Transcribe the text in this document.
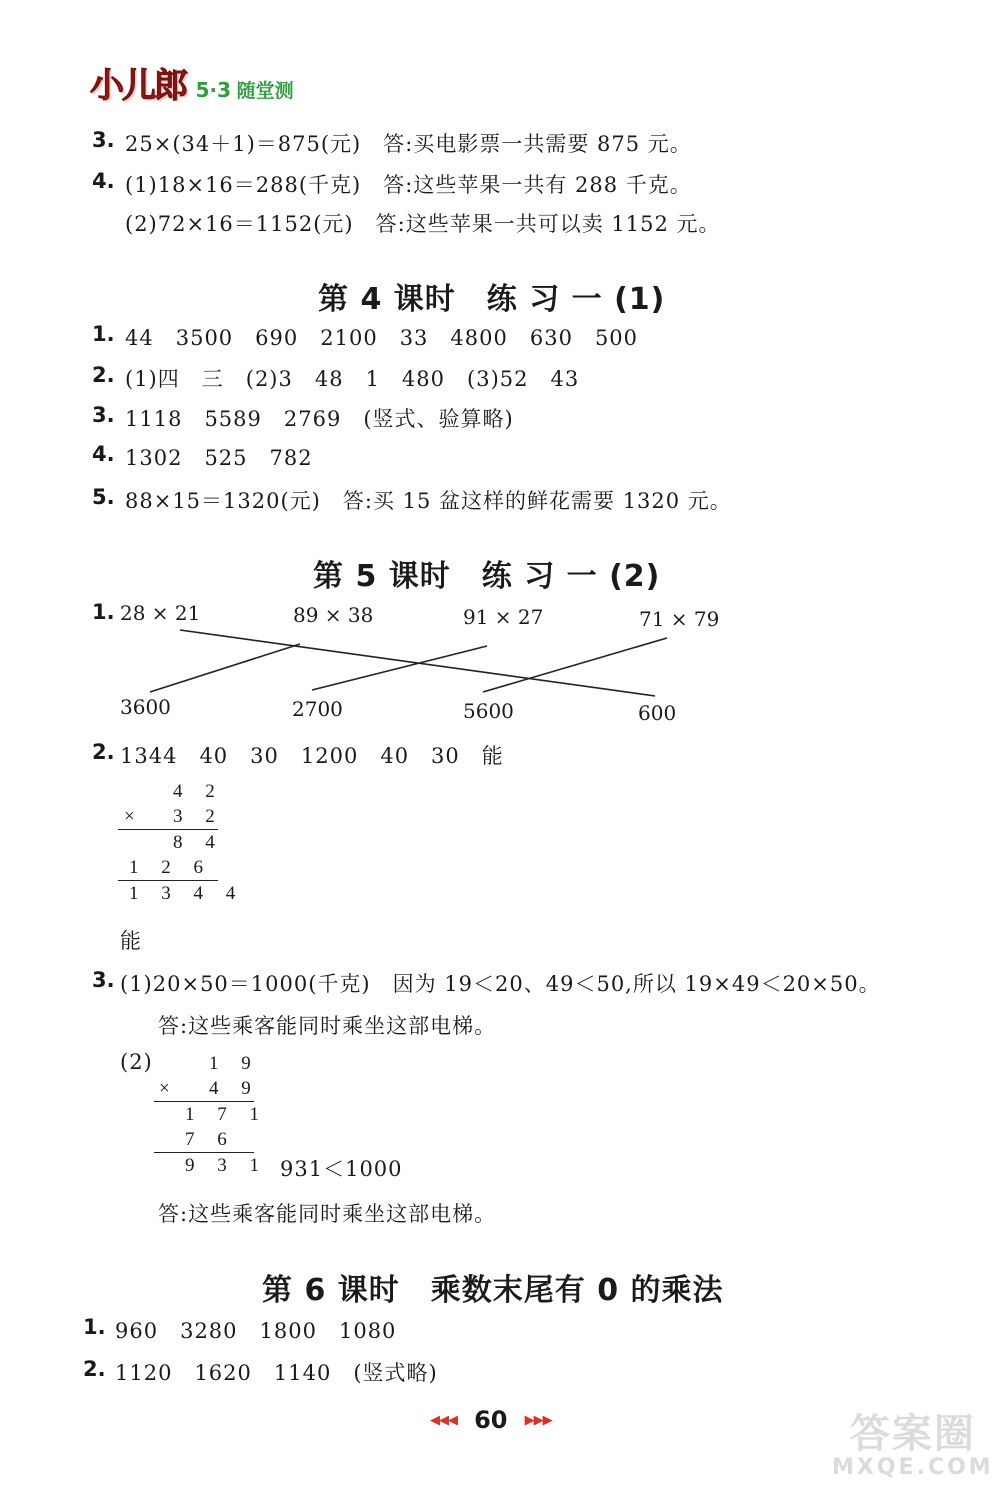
小儿郎 5·3 随堂测
3. 25×(34＋1)＝875(元)　答:买电影票一共需要 875 元。
4. (1)18×16＝288(千克)　答:这些苹果一共有 288 千克。
(2)72×16＝1152(元)　答:这些苹果一共可以卖 1152 元。
第 4 课时　练 习 一 (1)
1. 44　3500　690　2100　33　4800　630　500
2. (1)四　三　(2)3　48　1　480　(3)52　43
3. 1118　5589　2769　(竖式、验算略)
4. 1302　525　782
5. 88×15＝1320(元)　答:买 15 盆这样的鲜花需要 1320 元。
第 5 课时　练 习 一 (2)
1. 28 × 21	89 × 38	91 × 27	71 × 79
3600	2700	5600	600
2. 1344　40　30　1200　40　30　能
4 2
× 3 2
8 4
1 2 6
1 3 4 4
能
3. (1)20×50＝1000(千克)　因为 19＜20、49＜50,所以 19×49＜20×50。
答:这些乘客能同时乘坐这部电梯。
(2)	1 9
× 4 9
1 7 1
7 6
9 3 1 931＜1000
答:这些乘客能同时乘坐这部电梯。
第 6 课时　乘数末尾有 0 的乘法
1. 960　3280　1800　1080
2. 1120　1620　1140　(竖式略)
◀◀◀ 60 ▶▶▶	答案圈
MXQE.COM
